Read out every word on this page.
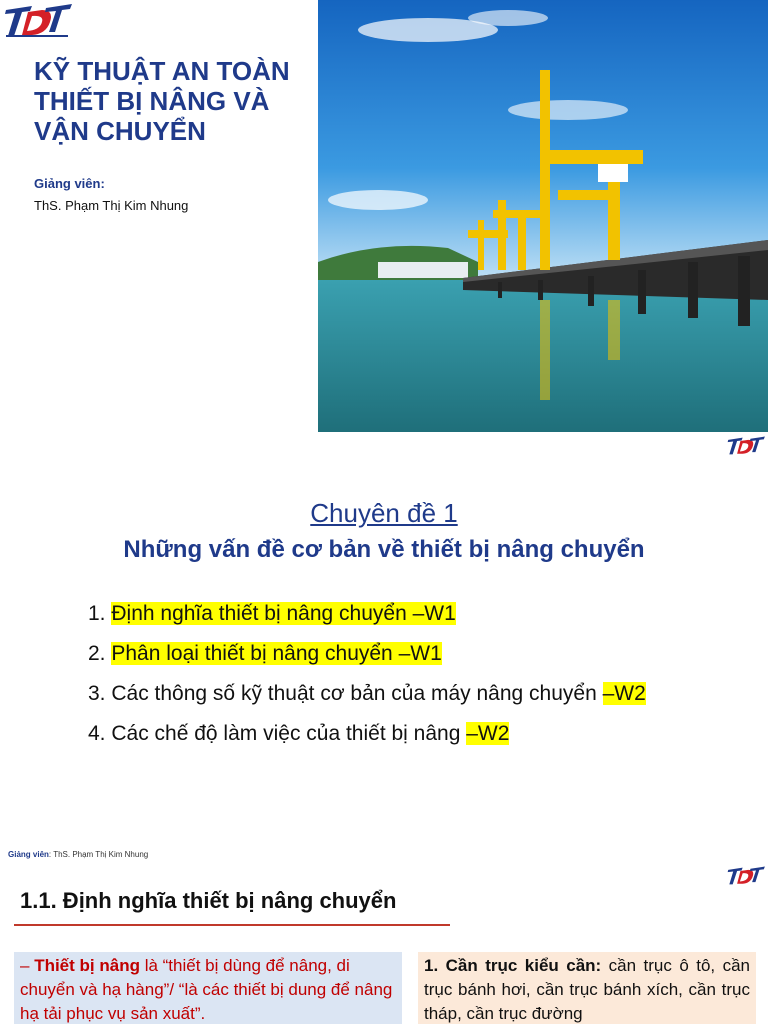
KỸ THUẬT AN TOÀN THIẾT BỊ NÂNG VÀ VẬN CHUYỂN
Giảng viên:
ThS. Phạm Thị Kim Nhung
Chuyên đề 1
Những vấn đề cơ bản về thiết bị nâng chuyển
1. Định nghĩa thiết bị nâng chuyển –W1
2. Phân loại thiết bị nâng chuyển –W1
3. Các thông số kỹ thuật cơ bản của máy nâng chuyển –W2
4. Các chế độ làm việc của thiết bị nâng –W2
Giảng viên: ThS. Phạm Thị Kim Nhung
1.1. Định nghĩa thiết bị nâng chuyển
– Thiết bị nâng là “thiết bị dùng để nâng, di chuyển và hạ hàng”/ “là các thiết bị dung để nâng hạ tải phục vụ sản xuất”.
1. Cần trục kiểu cần: cần trục ô tô, cần trục bánh hơi, cần trục bánh xích, cần trục tháp, cần trục đường
